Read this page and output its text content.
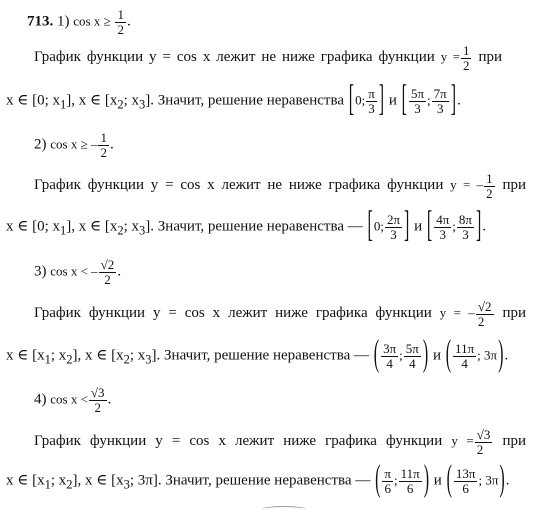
713. 1) $\cos x \ge \frac{1}{2}$ .
График функции y = cos x лежит не ниже графика функции $y = \frac{1}{2}$ при
x ∈ [0; $x_1$], x ∈ [$x_2$; $x_3$]. Значит, решение неравенства [0; $\frac{\pi}{3}$ ] и [ $\frac{5\pi}{3}$ ; $\frac{7\pi}{3}$ ].
2) cos x ≥ – $\frac{1}{2}$ .
График функции y = cos x лежит не ниже графика функции y = – $\frac{1}{2}$ при
x ∈ [0; $x_1$], x ∈ [$x_2$; $x_3$]. Значит, решение неравенства — [0; $\frac{2\pi}{3}$ ] и [ $\frac{4\pi}{3}$ ; $\frac{8\pi}{3}$ ].
3) cos x < – $\frac{√2}{2}$ .
График функции y = cos x лежит ниже графика функции y = – $\frac{√2}{2}$ при
x ∈ [$x_1$; $x_2$], x ∈ [$x_2$; $x_3$]. Значит, решение неравенства — ( $\frac{3\pi}{4}$ ; $\frac{5\pi}{4}$ ) и ( $\frac{11\pi}{4}$ ; 3π).
4) $\cos x < \frac{√3}{2}$ .
График функции y = cos x лежит ниже графика функции $y = \frac{√3}{2}$ при
x ∈ [$x_1$; $x_2$], x ∈ [$x_3$; 3π]. Значит, решение неравенства — ( $\frac{\pi}{6}$ ; $\frac{11\pi}{6}$ ) и ( $\frac{13\pi}{6}$ ; 3π).
